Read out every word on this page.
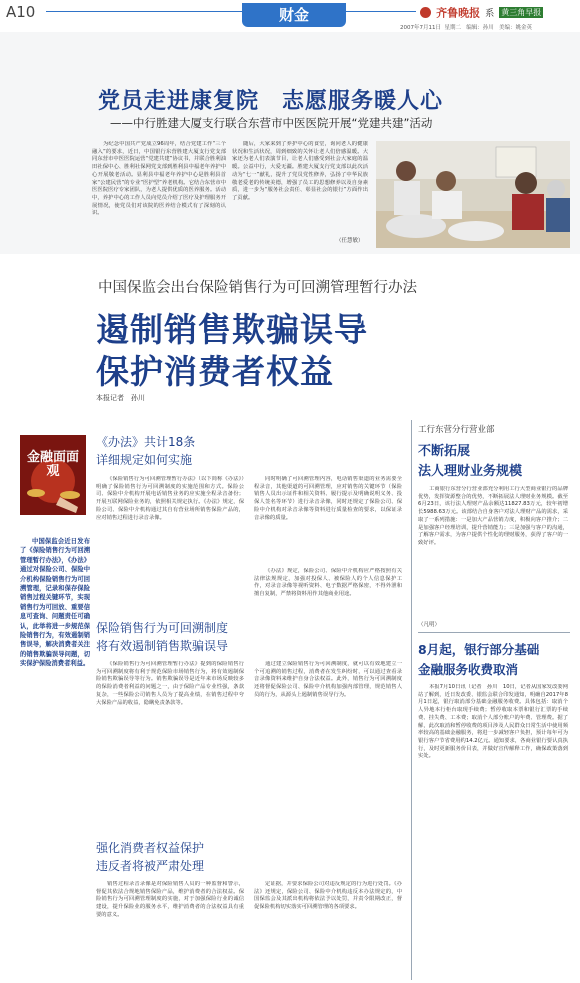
A10	财金	齐鲁晚报 系 黄三角早报
2007年7月11日 星期二 编辑：孙川 美编：姚金英
党员走进康复院　志愿服务暖人心
——中行胜建大厦支行联合东营市中医医院开展“党建共建”活动
为纪念中国共产党成立96周年，结合党建工作“三个融入”的要求，近日，中国银行东营胜建大厦支行党支部同东营市中医医院运营“党建共建”协议书，并联合胜利油田社保中心、胜利社保网党支部到胜利县中福老年养护中心开展敬老活动。显利县中福老年养护中心是胜利县首家“公建民营”的专业“医护型”养老机构。它结合东营市中医医院医疗专家团队，为老人提供优质的医养服务。活动中，养护中心的工作人员向党员介绍了医疗及护理服务开展情况，使党员们对该院的医养结合模式有了深刻的认识。
随后，大家来到了养护中心的食堂，询问老人的健康状况和生活状况，周到细致的关怀让老人们倍感温暖。大家还为老人们表演节目，让老人们感受到社会大家庭的温暖。公益中行，大爱无疆。胜建大厦支行党支部以此次活动为“七一”献礼，提升了党员党性修养，弘扬了中华民族敬老爱老的传统美德，增强了员工的思想修养以及自身素质，进一步为“服务社会责任、彰显社会的银行”方面作出了贡献。
（任慧敏）
中国保监会出台保险销售行为可回溯管理暂行办法
遏制销售欺骗误导
保护消费者权益
本报记者　孙川
金融面面观
中国保监会近日发布了《保险销售行为可回溯管理暂行办法》，《办法》通过对保险公司、保险中介机构保险销售行为可回溯管理，记录和保存保险销售过程关键环节，实现销售行为可回放、重要信息可查询、问题责任可确认，此举将进一步规范保险销售行为，有效遏制销售误导，解决消费者关注的销售欺骗误导问题，切实保护保险消费者利益。
《办法》共计18条
详细规定如何实施
《保险销售行为可回溯管理暂行办法》（以下简称《办法》）明确了保险销售行为可回溯制度的实施范围和方式。保险公司、保险中介机构开展电话销售业务的应实施全程录音备份；开展互联网保险业务的，依照相关规定执行。《办法》规定，保险公司、保险中介机构通过其自有营业场所销售保险产品的，应对销售过程进行录音录像。
同时明确了可回溯管理内容，电话销售渠道的业务需要全程录音，其他渠道的可回溯管理，应对销售的关键环节（保险销售人员出示证件和相关资料、履行提示及明确说明义务、投保人签名等环节）进行录音录像，同时还规定了保险公司、保险中介机构对录音录像等资料进行质量检查的要求，以保证录音录像的质量。
《办法》规定，保险公司、保险中介机构应严格按照有关法律法规规定，加强对投保人、被保险人的个人信息保护工作，对录音录像等视听资料、电子数据严格保密，不得外泄和擅自复制，严禁将资料用作其他商业用途。
保险销售行为可回溯制度
将有效遏制销售欺骗误导
《保险销售行为可回溯管理暂行办法》提到的保险销售行为可回溯制度将有利于规范保险市场销售行为，将有效遏制保险销售欺骗误导等行为。销售欺骗误导是近年来市场反映较多的保险消费者利益的问题之一，由于保险产品专业性强，条款复杂，一些保险公司销售人员为了提高业绩，在销售过程中夸大保险产品的收益，隐瞒免责条款等。
通过建立保险销售行为可回溯制度，就可以有效地建立一个可追溯的销售过程，消费者在发生纠纷时，可以通过查看录音录像资料来维护自身合法权益。此外，销售行为可回溯制度还将督促保险公司、保险中介机构加强内部管理，规范销售人员的行为，从源头上遏制销售误导行为。
强化消费者权益保护
违反者将被严肃处理
销售过程录音录像是对保险销售人员的一种监督和警示，督促其依法合规地销售保险产品，维护消费者的合法权益。保险销售行为可回溯管理制度的实施，对于加强保险行业的诚信建设，提升保险业的服务水平，维护消费者的合法权益具有重要的意义。
定证据，并要求保险公司对违反规定的行为进行处罚。《办法》还规定，保险公司、保险中介机构违反本办法规定的，中国保监会及其派出机构将依法予以处罚，并责令限期改正，督促保险机构切实落实可回溯管理的各项要求。
工行东营分行营业部
不断拓展
法人理财业务规模
工商银行东营分行营业部充分利用工行大型商业银行的品牌优势，发挥资源整合的优势，不断拓展法人理财业务规模。截至6月23日，该行法人理财产品余额达11827.83万元，较年初增长5988.63万元。该部结合自身客户对法人理财产品的需求，采取了一系列措施：一是加大产品营销力度，积极向客户推介；二是加强客户经理培训，提升营销能力；三是加强与客户的沟通，了解客户需求，为客户提供个性化的理财服务，获得了客户的一致好评。
（凡明）
8月起，银行部分基础
金融服务收费取消
本报7月10日讯（记者　孙川　10日，记者从国家发改委网站了解到，近日发改委、银监会联合印发通知，明确自2017年8月1日起，银行取消部分基础金融服务收费。具体包括：取消个人异地本行柜台取现手续费；暂停收取本票和银行汇票的手续费、挂失费、工本费；取消个人部分账户的年费、管理费。据了解，此次取消和暂停收费的项目涉及人民群众日常生活中使用频率较高的基础金融服务，将进一步减轻客户负担，预计每年可为银行客户节省费用约14.2亿元。通知要求，各商业银行要认真执行，及时更新服务价目表，并做好宣传解释工作，确保政策落到实处。
